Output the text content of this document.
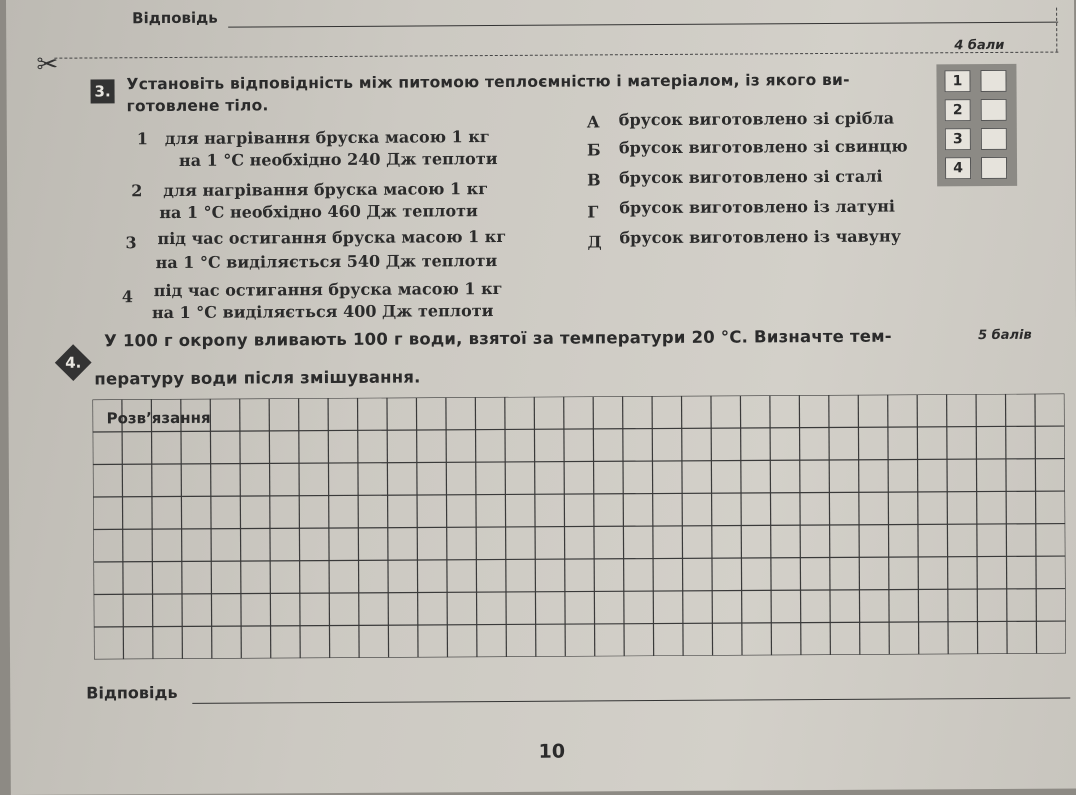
Відповідь
✂
3. Установіть відповідність між питомою теплоємністю і матеріалом, із якого ви-
готовлене тіло.
4 бали
1 для нагрівання бруска масою 1 кг
на 1 °С необхідно 240 Дж теплоти
2 для нагрівання бруска масою 1 кг
на 1 °С необхідно 460 Дж теплоти
3 під час остигання бруска масою 1 кг
на 1 °С виділяється 540 Дж теплоти
4 під час остигання бруска масою 1 кг
на 1 °С виділяється 400 Дж теплоти
А брусок виготовлено зі срібла
Б брусок виготовлено зі свинцю
В брусок виготовлено зі сталі
Г брусок виготовлено із латуні
Д брусок виготовлено із чавуну
1
2
3
4
4.
У 100 г окропу вливають 100 г води, взятої за температури 20 °С. Визначте тем-
пературу води після змішування.
5 балів
Розв’язання
Відповідь
10
